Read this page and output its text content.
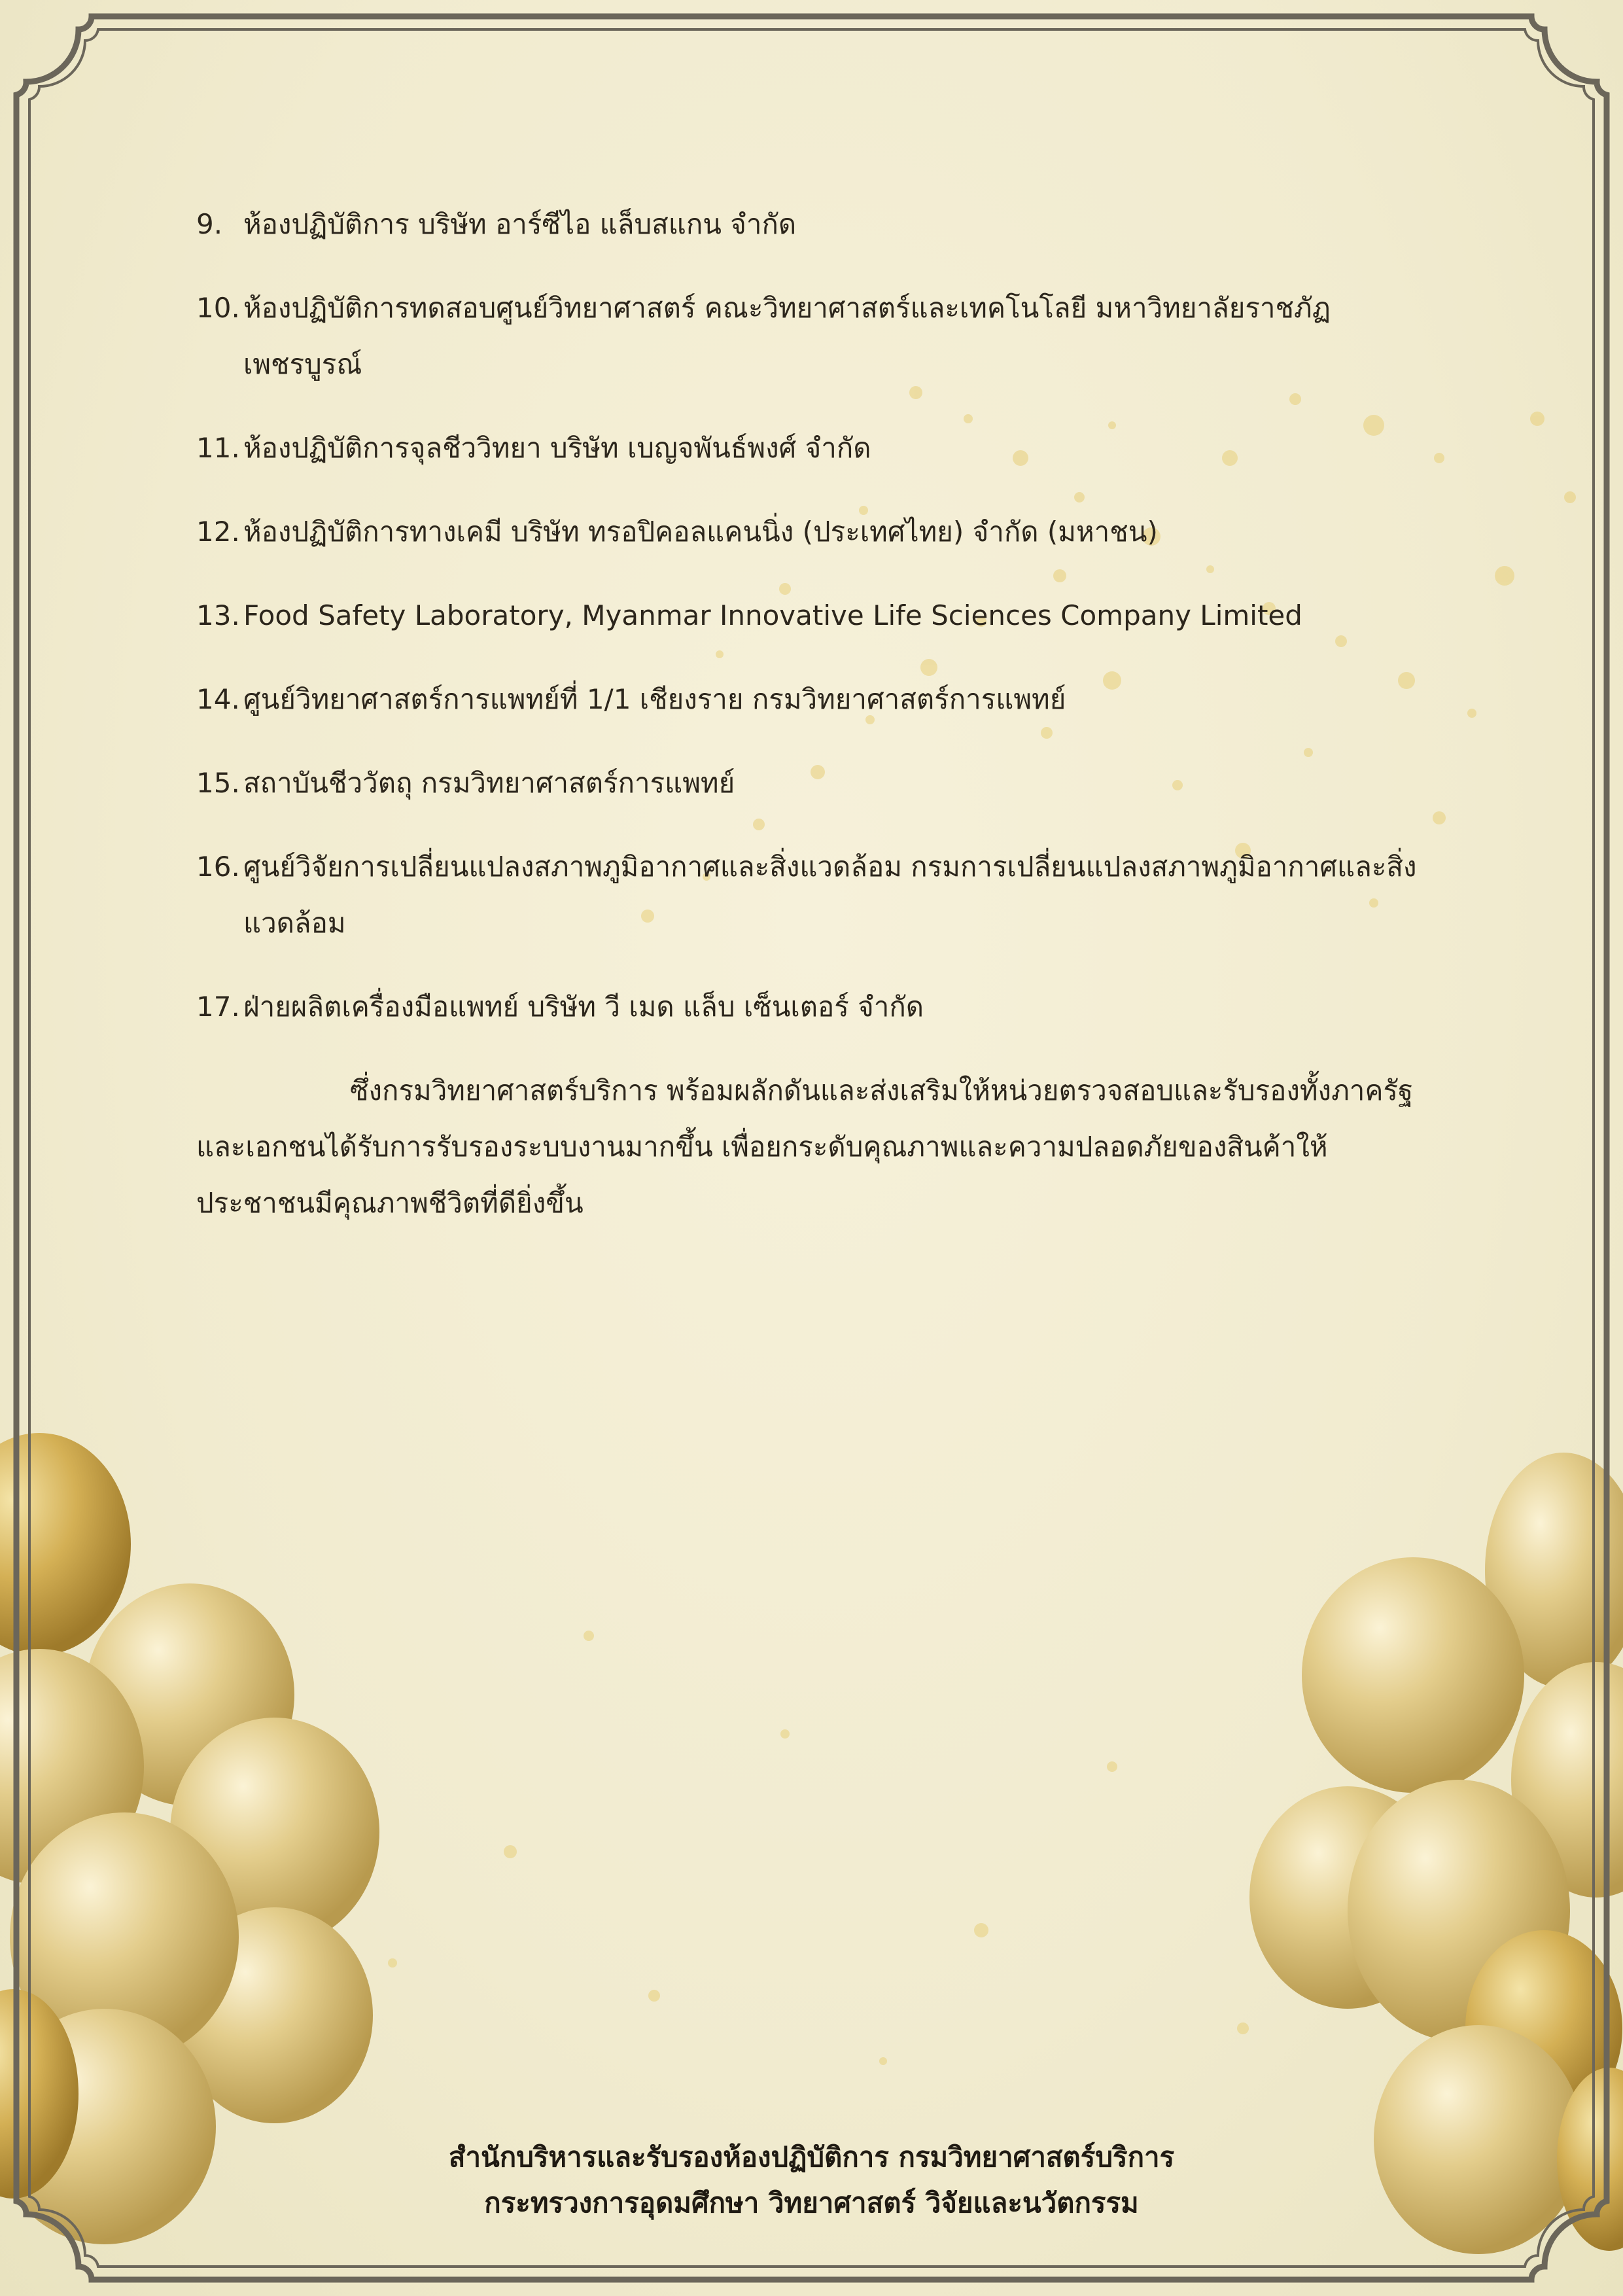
9. ห้องปฏิบัติการ บริษัท อาร์ซีไอ แล็บสแกน จำกัด
10. ห้องปฏิบัติการทดสอบศูนย์วิทยาศาสตร์ คณะวิทยาศาสตร์และเทคโนโลยี มหาวิทยาลัยราชภัฏเพชรบูรณ์
11. ห้องปฏิบัติการจุลชีววิทยา บริษัท เบญจพันธ์พงศ์ จำกัด
12. ห้องปฏิบัติการทางเคมี บริษัท ทรอปิคอลแคนนิ่ง (ประเทศไทย) จำกัด (มหาชน)
13. Food Safety Laboratory, Myanmar Innovative Life Sciences Company Limited
14. ศูนย์วิทยาศาสตร์การแพทย์ที่ 1/1 เชียงราย กรมวิทยาศาสตร์การแพทย์
15. สถาบันชีววัตถุ กรมวิทยาศาสตร์การแพทย์
16. ศูนย์วิจัยการเปลี่ยนแปลงสภาพภูมิอากาศและสิ่งแวดล้อม กรมการเปลี่ยนแปลงสภาพภูมิอากาศและสิ่งแวดล้อม
17. ฝ่ายผลิตเครื่องมือแพทย์ บริษัท วี เมด แล็บ เซ็นเตอร์ จำกัด

ซึ่งกรมวิทยาศาสตร์บริการ พร้อมผลักดันและส่งเสริมให้หน่วยตรวจสอบและรับรองทั้งภาครัฐและเอกชนได้รับการรับรองระบบงานมากขึ้น เพื่อยกระดับคุณภาพและความปลอดภัยของสินค้าให้ประชาชนมีคุณภาพชีวิตที่ดียิ่งขึ้น

สำนักบริหารและรับรองห้องปฏิบัติการ กรมวิทยาศาสตร์บริการ
กระทรวงการอุดมศึกษา วิทยาศาสตร์ วิจัยและนวัตกรรม
